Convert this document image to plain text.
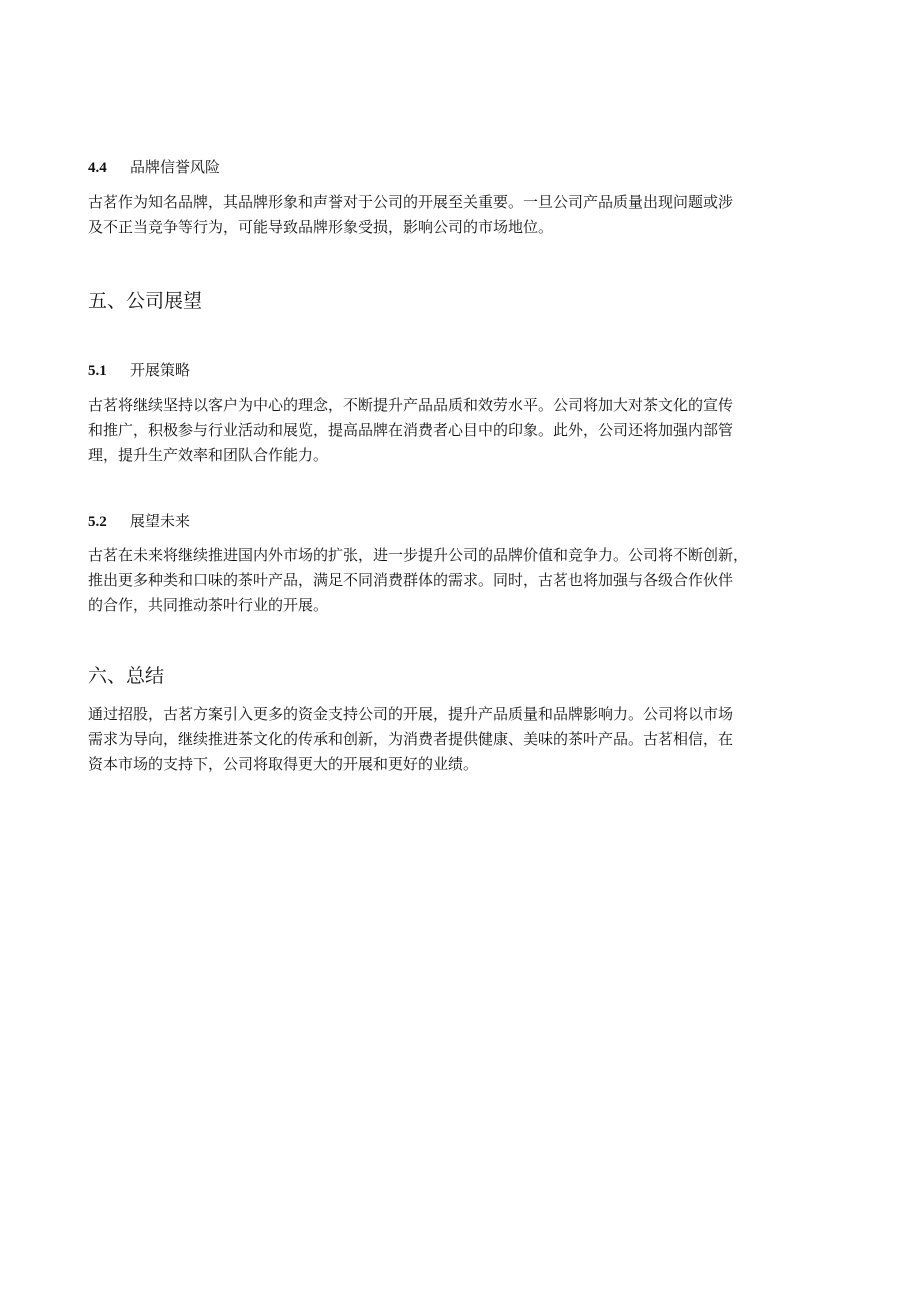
4.4 品牌信誉风险
古茗作为知名品牌，其品牌形象和声誉对于公司的开展至关重要。一旦公司产品质量出现问题或涉
及不正当竞争等行为，可能导致品牌形象受损，影响公司的市场地位。
五、公司展望
5.1 开展策略
古茗将继续坚持以客户为中心的理念，不断提升产品品质和效劳水平。公司将加大对茶文化的宣传
和推广，积极参与行业活动和展览，提高品牌在消费者心目中的印象。此外，公司还将加强内部管
理，提升生产效率和团队合作能力。
5.2 展望未来
古茗在未来将继续推进国内外市场的扩张，进一步提升公司的品牌价值和竞争力。公司将不断创新，
推出更多种类和口味的茶叶产品，满足不同消费群体的需求。同时，古茗也将加强与各级合作伙伴
的合作，共同推动茶叶行业的开展。
六、总结
通过招股，古茗方案引入更多的资金支持公司的开展，提升产品质量和品牌影响力。公司将以市场
需求为导向，继续推进茶文化的传承和创新，为消费者提供健康、美味的茶叶产品。古茗相信，在
资本市场的支持下，公司将取得更大的开展和更好的业绩。
